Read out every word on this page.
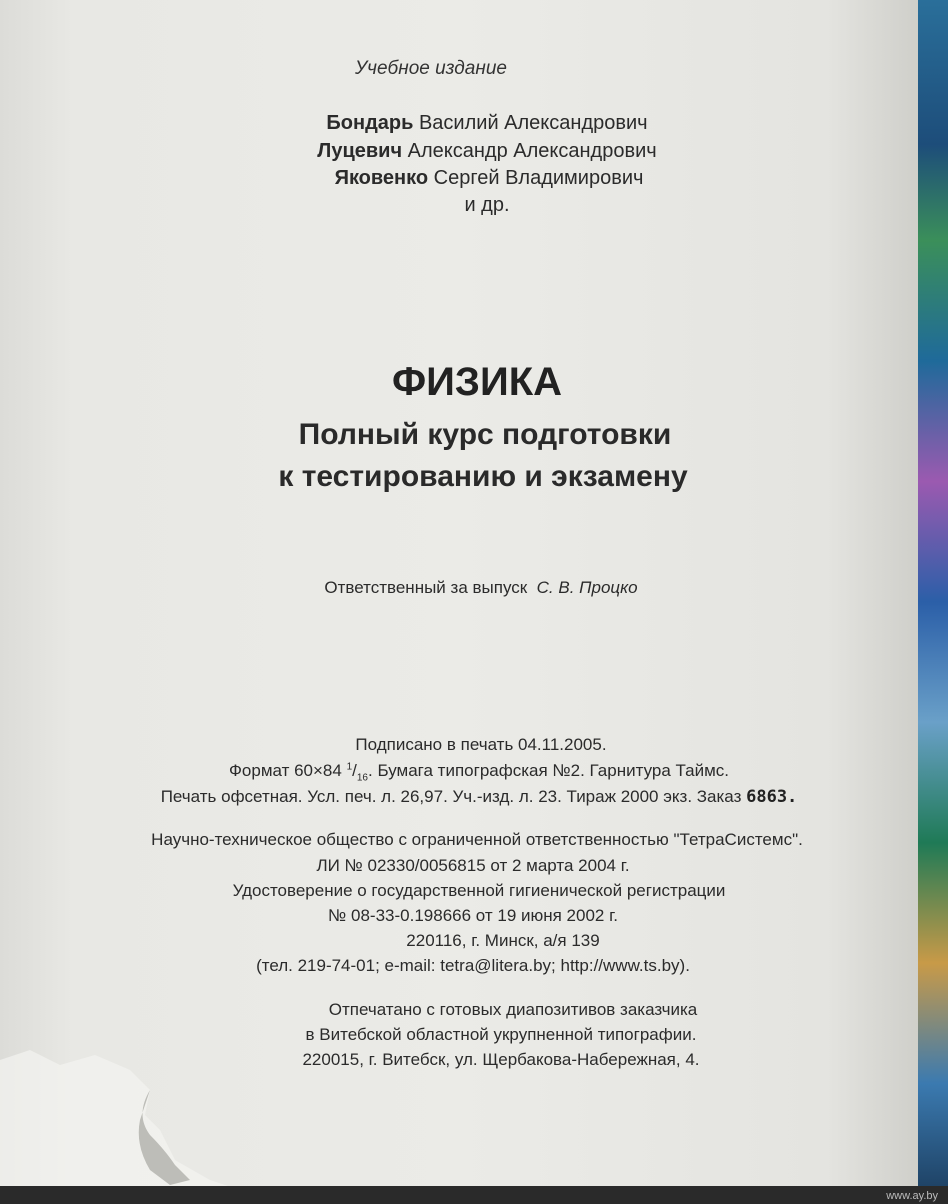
Учебное издание
Бондарь Василий Александрович
Луцевич Александр Александрович
Яковенко Сергей Владимирович
и др.
ФИЗИКА
Полный курс подготовки
к тестированию и экзамену
Ответственный за выпуск С. В. Процко
Подписано в печать 04.11.2005.
Формат 60×84 $^1/_{16}$. Бумага типографская №2. Гарнитура Таймс.
Печать офсетная. Усл. печ. л. 26,97. Уч.-изд. л. 23. Тираж 2000 экз. Заказ 6863.
Научно-техническое общество с ограниченной ответственностью "ТетраСистемс".
ЛИ № 02330/0056815 от 2 марта 2004 г.
Удостоверение о государственной гигиенической регистрации
№ 08-33-0.198666 от 19 июня 2002 г.
220116, г. Минск, а/я 139
(тел. 219-74-01; e-mail: tetra@litera.by; http://www.ts.by).
Отпечатано с готовых диапозитивов заказчика
в Витебской областной укрупненной типографии.
220015, г. Витебск, ул. Щербакова-Набережная, 4.
www.ay.by
